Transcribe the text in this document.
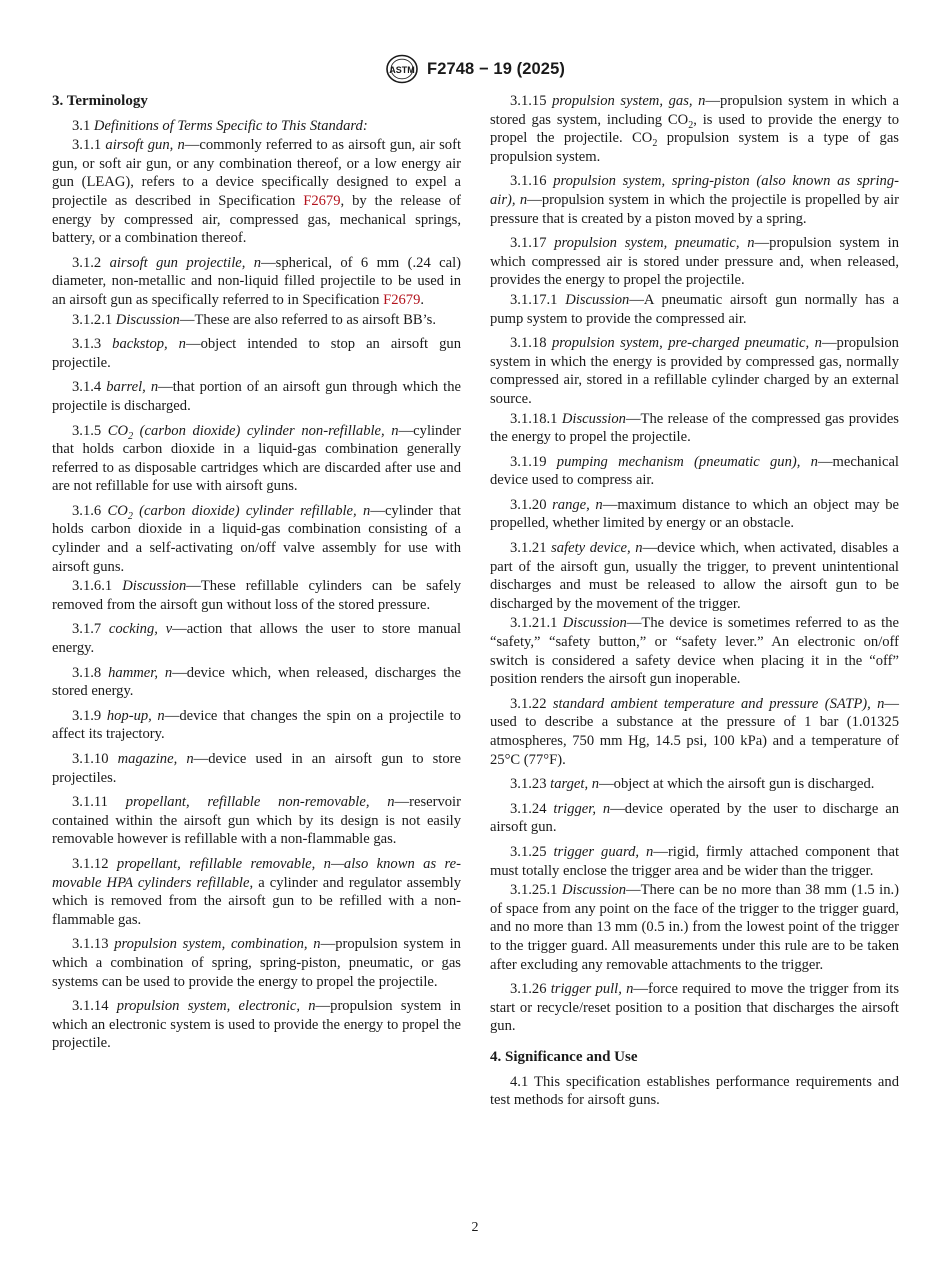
ASTM F2748 − 19 (2025)
3. Terminology

3.1 Definitions of Terms Specific to This Standard:

3.1.1 airsoft gun, n—commonly referred to as airsoft gun, air soft gun, or soft air gun, or any combination thereof, or a low energy air gun (LEAG), refers to a device specifically designed to expel a projectile as described in Specification F2679, by the release of energy by compressed air, compressed gas, mechanical springs, battery, or a combination thereof.

3.1.2 airsoft gun projectile, n—spherical, of 6 mm (.24 cal) diameter, non-metallic and non-liquid filled projectile to be used in an airsoft gun as specifically referred to in Specification F2679.

3.1.2.1 Discussion—These are also referred to as airsoft BB’s.

3.1.3 backstop, n—object intended to stop an airsoft gun projectile.

3.1.4 barrel, n—that portion of an airsoft gun through which the projectile is discharged.

3.1.5 $CO_2$ (carbon dioxide) cylinder non-refillable, n—cylinder that holds carbon dioxide in a liquid-gas combination generally referred to as disposable cartridges which are discarded after use and are not refillable for use with airsoft guns.

3.1.6 $CO_2$ (carbon dioxide) cylinder refillable, n—cylinder that holds carbon dioxide in a liquid-gas combination consisting of a cylinder and a self-activating on/off valve assembly for use with airsoft guns.

3.1.6.1 Discussion—These refillable cylinders can be safely removed from the airsoft gun without loss of the stored pressure.

3.1.7 cocking, v—action that allows the user to store manual energy.

3.1.8 hammer, n—device which, when released, discharges the stored energy.

3.1.9 hop-up, n—device that changes the spin on a projectile to affect its trajectory.

3.1.10 magazine, n—device used in an airsoft gun to store projectiles.

3.1.11 propellant, refillable non-removable, n—reservoir contained within the airsoft gun which by its design is not easily removable however is refillable with a non-flammable gas.

3.1.12 propellant, refillable removable, n—also known as re-movable HPA cylinders refillable, a cylinder and regulator assembly which is removed from the airsoft gun to be refilled with a non-flammable gas.

3.1.13 propulsion system, combination, n—propulsion system in which a combination of spring, spring-piston, pneumatic, or gas systems can be used to provide the energy to propel the projectile.

3.1.14 propulsion system, electronic, n—propulsion system in which an electronic system is used to provide the energy to propel the projectile.

3.1.15 propulsion system, gas, n—propulsion system in which a stored gas system, including $CO_2$, is used to provide the energy to propel the projectile. $CO_2$ propulsion system is a type of gas propulsion system.

3.1.16 propulsion system, spring-piston (also known as spring-air), n—propulsion system in which the projectile is propelled by air pressure that is created by a piston moved by a spring.

3.1.17 propulsion system, pneumatic, n—propulsion system in which compressed air is stored under pressure and, when released, provides the energy to propel the projectile.

3.1.17.1 Discussion—A pneumatic airsoft gun normally has a pump system to provide the compressed air.

3.1.18 propulsion system, pre-charged pneumatic, n—propulsion system in which the energy is provided by compressed gas, normally compressed air, stored in a refillable cylinder charged by an external source.

3.1.18.1 Discussion—The release of the compressed gas provides the energy to propel the projectile.

3.1.19 pumping mechanism (pneumatic gun), n—mechanical device used to compress air.

3.1.20 range, n—maximum distance to which an object may be propelled, whether limited by energy or an obstacle.

3.1.21 safety device, n—device which, when activated, disables a part of the airsoft gun, usually the trigger, to prevent unintentional discharges and must be released to allow the airsoft gun to be discharged by the movement of the trigger.

3.1.21.1 Discussion—The device is sometimes referred to as the “safety,” “safety button,” or “safety lever.” An electronic on/off switch is considered a safety device when placing it in the “off” position renders the airsoft gun inoperable.

3.1.22 standard ambient temperature and pressure (SATP), n—used to describe a substance at the pressure of 1 bar (1.01325 atmospheres, 750 mm Hg, 14.5 psi, 100 kPa) and a temperature of 25°C (77°F).

3.1.23 target, n—object at which the airsoft gun is discharged.

3.1.24 trigger, n—device operated by the user to discharge an airsoft gun.

3.1.25 trigger guard, n—rigid, firmly attached component that must totally enclose the trigger area and be wider than the trigger.

3.1.25.1 Discussion—There can be no more than 38 mm (1.5 in.) of space from any point on the face of the trigger to the trigger guard, and no more than 13 mm (0.5 in.) from the lowest point of the trigger to the trigger guard. All measurements under this rule are to be taken after excluding any removable attachments to the trigger.

3.1.26 trigger pull, n—force required to move the trigger from its start or recycle/reset position to a position that discharges the airsoft gun.

4. Significance and Use

4.1 This specification establishes performance requirements and test methods for airsoft guns.

2
